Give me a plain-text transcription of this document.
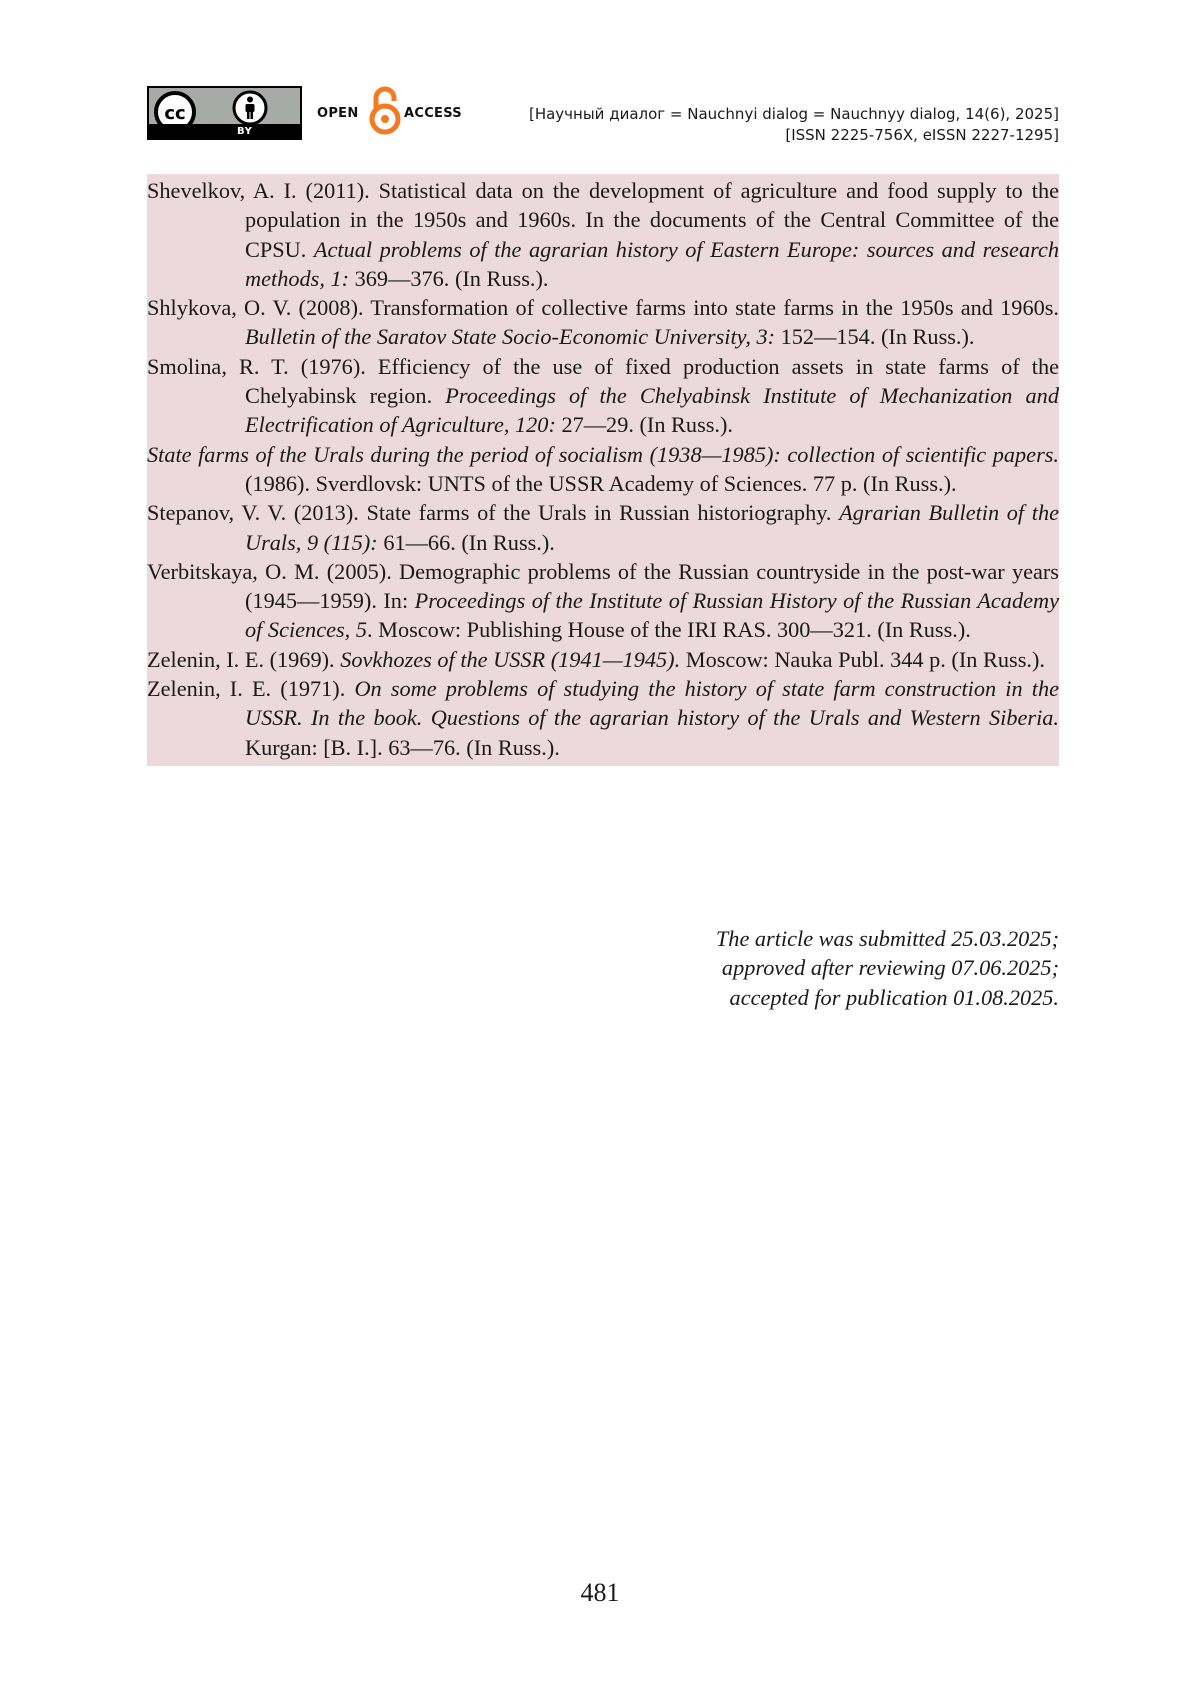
cc
BY
OPEN	ACCESS	[Научный диалог = Nauchnyi dialog = Nauchnyy dialog, 14(6), 2025]
[ISSN 2225-756X, eISSN 2227-1295]

Shevelkov, A. I. (2011). Statistical data on the development of agriculture and food supply to the population in the 1950s and 1960s. In the documents of the Central Committee of the CPSU. Actual problems of the agrarian history of Eastern Europe: sources and research methods, 1: 369—376. (In Russ.).

Shlykova, O. V. (2008). Transformation of collective farms into state farms in the 1950s and 1960s. Bulletin of the Saratov State Socio-Economic University, 3: 152—154. (In Russ.).

Smolina, R. T. (1976). Efficiency of the use of fixed production assets in state farms of the Chelyabinsk region. Proceedings of the Chelyabinsk Institute of Mechanization and Electrification of Agriculture, 120: 27—29. (In Russ.).

State farms of the Urals during the period of socialism (1938—1985): collection of scientific papers. (1986). Sverdlovsk: UNTS of the USSR Academy of Sciences. 77 p. (In Russ.).

Stepanov, V. V. (2013). State farms of the Urals in Russian historiography. Agrarian Bulletin of the Urals, 9 (115): 61—66. (In Russ.).

Verbitskaya, O. M. (2005). Demographic problems of the Russian countryside in the post-war years (1945—1959). In: Proceedings of the Institute of Russian History of the Russian Academy of Sciences, 5. Moscow: Publishing House of the IRI RAS. 300—321. (In Russ.).

Zelenin, I. E. (1969). Sovkhozes of the USSR (1941—1945). Moscow: Nauka Publ. 344 p. (In Russ.).

Zelenin, I. E. (1971). On some problems of studying the history of state farm construction in the USSR. In the book. Questions of the agrarian history of the Urals and Western Siberia. Kurgan: [B. I.]. 63—76. (In Russ.).

The article was submitted 25.03.2025;
approved after reviewing 07.06.2025;
accepted for publication 01.08.2025.
481
